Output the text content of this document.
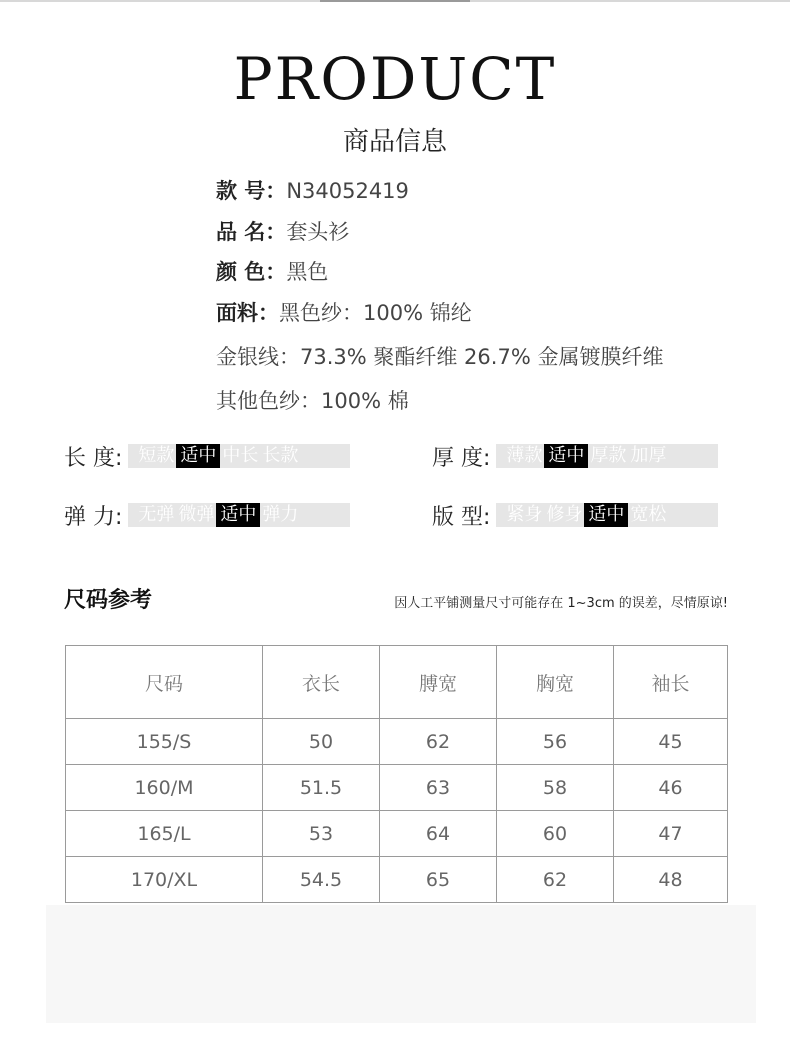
PRODUCT
商品信息
款 号：N34052419
品 名：套头衫
颜 色：黑色
面料：黑色纱：100% 锦纶
金银线：73.3% 聚酯纤维 26.7% 金属镀膜纤维
其他色纱：100% 棉
长 度: 短款 适中 中长 长款	厚 度: 薄款 适中 厚款 加厚
弹 力: 无弹 微弹 适中 弹力	版 型: 紧身 修身 适中 宽松
尺码参考	因人工平铺测量尺寸可能存在 1~3cm 的误差，尽情原谅!
尺码	衣长	膊宽	胸宽	袖长
155/S	50	62	56	45
160/M	51.5	63	58	46
165/L	53	64	60	47
170/XL	54.5	65	62	48
